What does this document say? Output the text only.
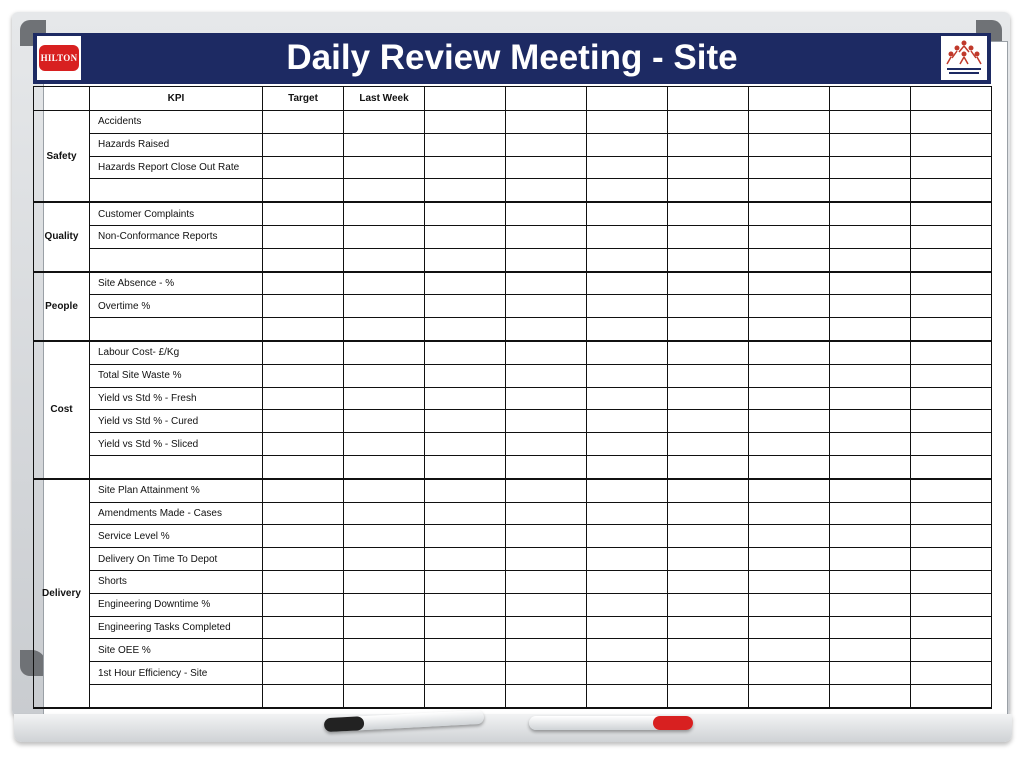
HILTON	Daily Review Meeting - Site
	KPI	Target	Last Week							
Safety	Accidents									
	Hazards Raised									
	Hazards Report Close Out Rate									

Quality	Customer Complaints									
	Non-Conformance Reports									

People	Site Absence - %									
	Overtime %									

Cost	Labour Cost- £/Kg									
	Total Site Waste %									
	Yield vs Std % - Fresh									
	Yield vs Std % - Cured									
	Yield vs Std % - Sliced									

Delivery	Site Plan Attainment %									
	Amendments Made - Cases									
	Service Level %									
	Delivery On Time To Depot									
	Shorts									
	Engineering Downtime %									
	Engineering Tasks Completed									
	Site OEE %									
	1st Hour Efficiency - Site									
